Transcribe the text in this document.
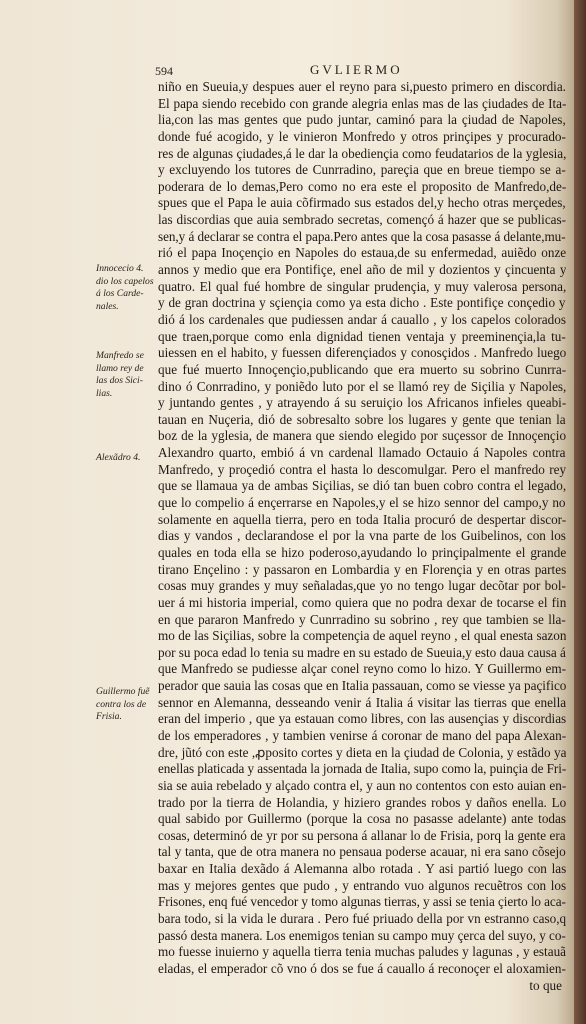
594	GVLIERMO
Innocecio 4.
dio los capelos
á los Carde-
nales.
Manfredo se
llamo rey de
las dos Sici-
lias.
Alexãdro 4.
Guillermo fuẽ
contra los de
Frisia.
niño en Sueuia,y despues auer el reyno para si,puesto primero en discordia.
El papa siendo recebido con grande alegria enlas mas de las çiudades de Ita-
lia,con las mas gentes que pudo juntar, caminó para la çiudad de Napoles,
donde fué acogido, y le vinieron Monfredo y otros prinçipes y procurado-
res de algunas çiudades,á le dar la obediençia como feudatarios de la yglesia,
y excluyendo los tutores de Cunrradino, pareçia que en breue tiempo se a-
poderara de lo demas,Pero como no era este el proposito de Manfredo,de-
spues que el Papa le auia cõfirmado sus estados del,y hecho otras merçedes,
las discordias que auia sembrado secretas, començó á hazer que se publicas-
sen,y á declarar se contra el papa.Pero antes que la cosa pasasse á delante,mu-
rió el papa Inoçençio en Napoles do estaua,de su enfermedad, auiẽdo onze
annos y medio que era Pontifiçe, enel año de mil y dozientos y çincuenta y
quatro. El qual fué hombre de singular prudençia, y muy valerosa persona,
y de gran doctrina y sçiençia como ya esta dicho . Este pontifiçe conçedio y
dió á los cardenales que pudiessen andar á cauallo , y los capelos colorados
que traen,porque como enla dignidad tienen ventaja y preeminençia,la tu-
uiessen en el habito, y fuessen diferençiados y conosçidos . Manfredo luego
que fué muerto Innoçençio,publicando que era muerto su sobrino Cunrra-
dino ó Conrradino, y poniẽdo luto por el se llamó rey de Siçilia y Napoles,
y juntando gentes , y atrayendo á su seruiçio los Africanos infieles queabi-
tauan en Nuçeria, dió de sobresalto sobre los lugares y gente que tenian la
boz de la yglesia, de manera que siendo elegido por suçessor de Innoçençio
Alexandro quarto, embió á vn cardenal llamado Octauio á Napoles contra
Manfredo, y proçedió contra el hasta lo descomulgar. Pero el manfredo rey
que se llamaua ya de ambas Siçilias, se dió tan buen cobro contra el legado,
que lo compelio á ençerrarse en Napoles,y el se hizo sennor del campo,y no
solamente en aquella tierra, pero en toda Italia procuró de despertar discor-
dias y vandos , declarandose el por la vna parte de los Guibelinos, con los
quales en toda ella se hizo poderoso,ayudando lo prinçipalmente el grande
tirano Ençelino : y passaron en Lombardia y en Florençia y en otras partes
cosas muy grandes y muy señaladas,que yo no tengo lugar decõtar por bol-
uer á mi historia imperial, como quiera que no podra dexar de tocarse el fin
en que pararon Manfredo y Cunrradino su sobrino , rey que tambien se lla-
mo de las Siçilias, sobre la competençia de aquel reyno , el qual enesta sazon
por su poca edad lo tenia su madre en su estado de Sueuia,y esto daua causa á
que Manfredo se pudiesse alçar conel reyno como lo hizo. Y Guillermo em-
perador que sauia las cosas que en Italia passauan, como se viesse ya paçifico
sennor en Alemanna, desseando venir á Italia á visitar las tierras que enella
eran del imperio , que ya estauan como libres, con las ausençias y discordias
de los emperadores , y tambien venirse á coronar de mano del papa Alexan-
dre, jũtó con este ,ꝓposito cortes y dieta en la çiudad de Colonia, y estãdo ya
enellas platicada y assentada la jornada de Italia, supo como la, puinçia de Fri-
sia se auia rebelado y alçado contra el, y aun no contentos con esto auian en-
trado por la tierra de Holandia, y hiziero grandes robos y daños enella. Lo
qual sabido por Guillermo (porque la cosa no pasasse adelante) ante todas
cosas, determinó de yr por su persona á allanar lo de Frisia, porq la gente era
tal y tanta, que de otra manera no pensaua poderse acauar, ni era sano cõsejo
baxar en Italia dexãdo á Alemanna albo rotada . Y asi partió luego con las
mas y mejores gentes que pudo , y entrando vuo algunos recuẽtros con los
Frisones, enq fué vencedor y tomo algunas tierras, y assi se tenia çierto lo aca-
bara todo, si la vida le durara . Pero fué priuado della por vn estranno caso,q
passó desta manera. Los enemigos tenian su campo muy çerca del suyo, y co-
mo fuesse inuierno y aquella tierra tenia muchas paludes y lagunas , y estauã
eladas, el emperador cõ vno ó dos se fue á cauallo á reconoçer el aloxamien-
to que
